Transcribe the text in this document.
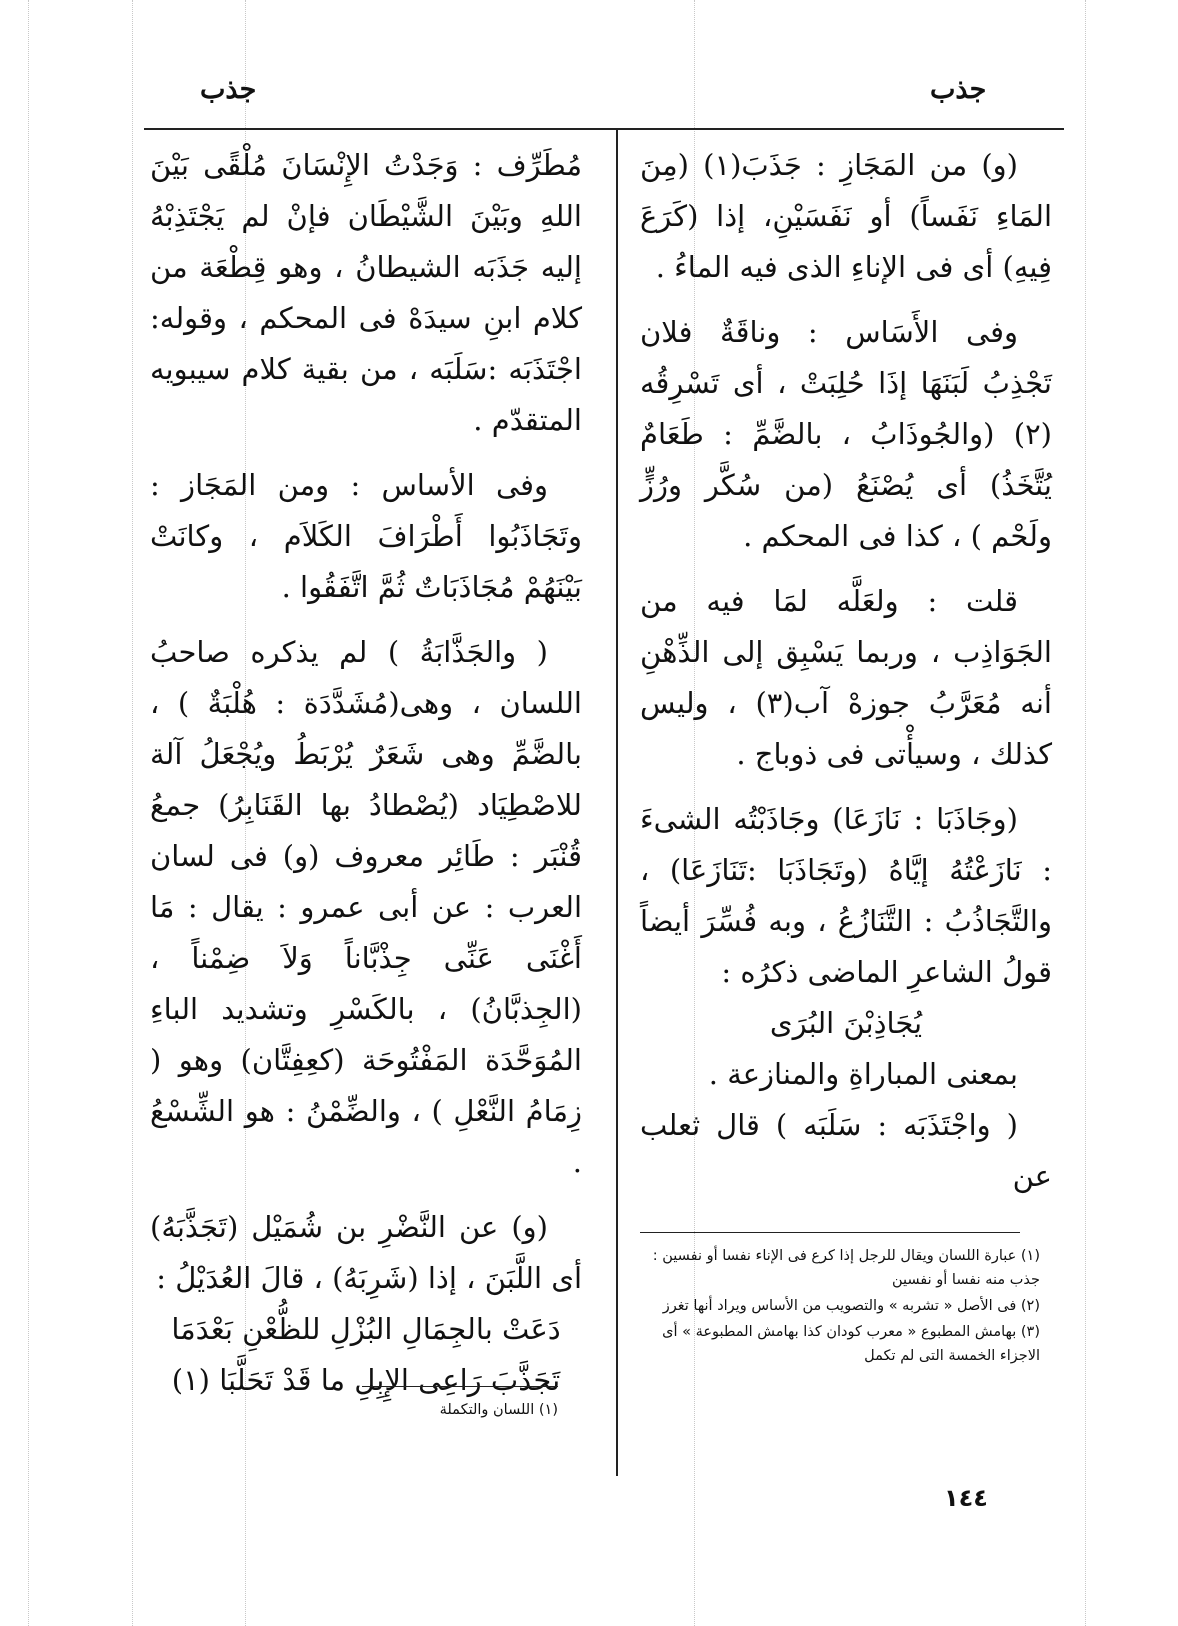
جذب
جذب

(و) من المَجَازِ : جَذَبَ(١) (مِنَ المَاءِ نَفَساً) أو نَفَسَيْنِ، إذا (كَرَعَ فِيهِ) أى فى الإناءِ الذى فيه الماءُ .

وفى الأَسَاس : وناقَةٌ فلان تَجْذِبُ لَبَنَهَا إذَا حُلِبَتْ ، أى تَسْرِقُه (٢) (والجُوذَابُ ، بالضَّمِّ : طَعَامٌ يُتَّخَذُ) أى يُصْنَعُ (من سُكَّر ورُزٍّ ولَحْم ) ، كذا فى المحكم .

قلت : ولعَلَّه لمَا فيه من الجَوَاذِب ، وربما يَسْبِق إلى الذِّهْنِ أنه مُعَرَّبُ جوزهْ آب(٣) ، وليس كذلك ، وسيأْتى فى ذوباج .

(وجَاذَبَا : نَازَعَا) وجَاذَبْتُه الشىءَ : نَازَعْتُهُ إيَّاهُ (وتَجَاذَبَا :تَنَازَعَا) ، والتَّجَاذُبُ : التَّنَازُعُ ، وبه فُسِّرَ أيضاً قولُ الشاعرِ الماضى ذكرُه :

يُجَاذِبْنَ البُرَى

بمعنى المباراةِ والمنازعة .

( واجْتَذَبَه : سَلَبَه ) قال ثعلب عن

مُطَرِّف : وَجَدْتُ الإِنْسَانَ مُلْقًى بَيْنَ اللهِ وبَيْنَ الشَّيْطَان فإنْ لم يَجْتَذِبْهُ إليه جَذَبَه الشيطانُ ، وهو قِطْعَة من كلام ابنِ سيدَهْ فى المحكم ، وقوله: اجْتَذَبَه :سَلَبَه ، من بقية كلام سيبويه المتقدّم .

وفى الأساس : ومن المَجَاز : وتَجَاذَبُوا أَطْرَافَ الكَلاَم ، وكانَتْ بَيْنَهُمْ مُجَاذَبَاتٌ ثُمَّ اتَّفَقُوا .

( والجَذَّابَةُ ) لم يذكره صاحبُ اللسان ، وهى(مُشَدَّدَة : هُلْبَةٌ ) ، بالضَّمِّ وهى شَعَرٌ يُرْبَطُ ويُجْعَلُ آلة للاصْطِيَاد (يُصْطادُ بها القَنَابِرُ) جمعُ قُنْبَر : طَائِر معروف (و) فى لسان العرب : عن أبى عمرو : يقال : مَا أَغْنَى عَنِّى جِذْبَّاناً وَلاَ ضِمْناً ، (الجِذبَّانُ) ، بالكَسْرِ وتشديد الباءِ المُوَحَّدَة المَفْتُوحَة (كعِفِتَّان) وهو ( زِمَامُ النَّعْلِ ) ، والضِّمْنُ : هو الشِّسْعُ .

(و) عن النَّضْرِ بن شُمَيْل (تَجَذَّبَهُ) أى اللَّبَنَ ، إذا (شَرِبَهُ) ، قالَ العُدَيْلُ :

دَعَتْ بالجِمَالِ البُزْلِ للظُّعْنِ بَعْدَمَا

تَجَذَّبَ رَاعِى الإِبِلِ ما قَدْ تَحَلَّبَا (١)

(١) عبارة اللسان ويقال للرجل إذا كرع فى الإناء نفسا أو نفسين : جذب منه نفسا أو نفسين

(٢) فى الأصل « تشربه » والتصويب من الأساس ويراد أنها تغرز

(٣) بهامش المطبوع « معرب كودان كذا بهامش المطبوعة » أى الاجزاء الخمسة التى لم تكمل

(١) اللسان والتكملة

١٤٤
